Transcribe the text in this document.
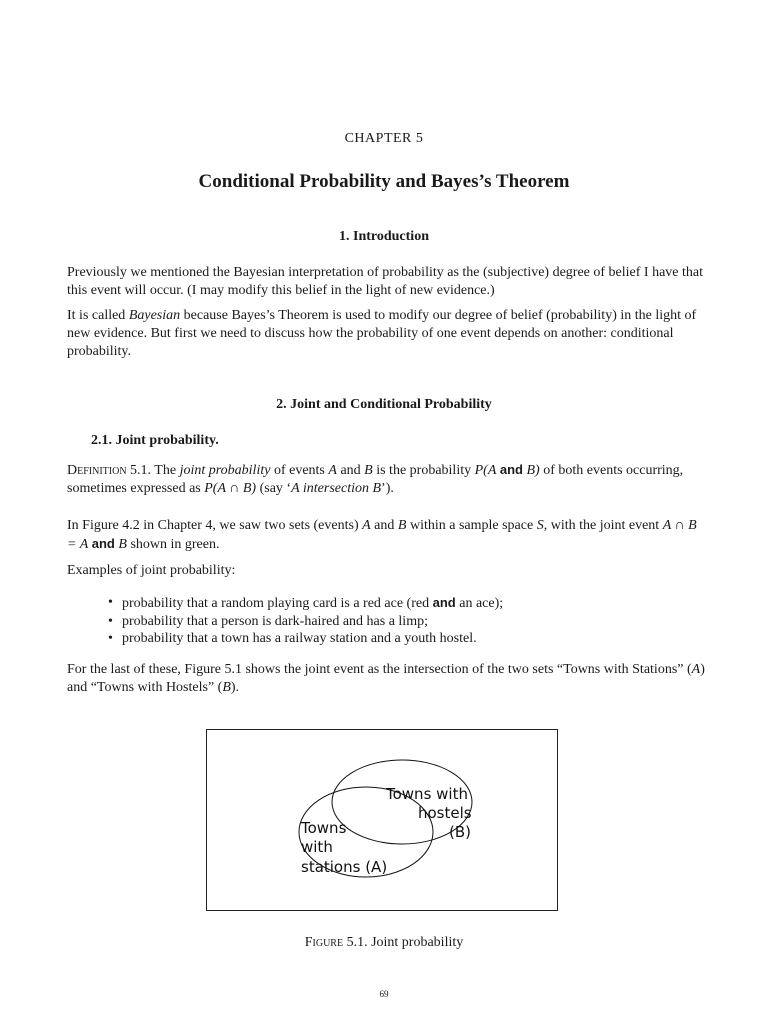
CHAPTER 5
Conditional Probability and Bayes’s Theorem
1. Introduction

Previously we mentioned the Bayesian interpretation of probability as the (subjective) degree of belief I have that this event will occur. (I may modify this belief in the light of new evidence.)

It is called Bayesian because Bayes’s Theorem is used to modify our degree of belief (probability) in the light of new evidence. But first we need to discuss how the probability of one event depends on another: conditional probability.

2. Joint and Conditional Probability
2.1. Joint probability.

Definition 5.1. The joint probability of events A and B is the probability P(A and B) of both events occurring, sometimes expressed as P(A ∩ B) (say ‘A intersection B’).

In Figure 4.2 in Chapter 4, we saw two sets (events) A and B within a sample space S, with the joint event A ∩ B = A and B shown in green.

Examples of joint probability:

• probability that a random playing card is a red ace (red and an ace);
• probability that a person is dark-haired and has a limp;
• probability that a town has a railway station and a youth hostel.

For the last of these, Figure 5.1 shows the joint event as the intersection of the two sets “Towns with Stations” (A) and “Towns with Hostels” (B).

Towns with
hostels
(B)
Towns
with
stations (A)
Figure 5.1. Joint probability
69
